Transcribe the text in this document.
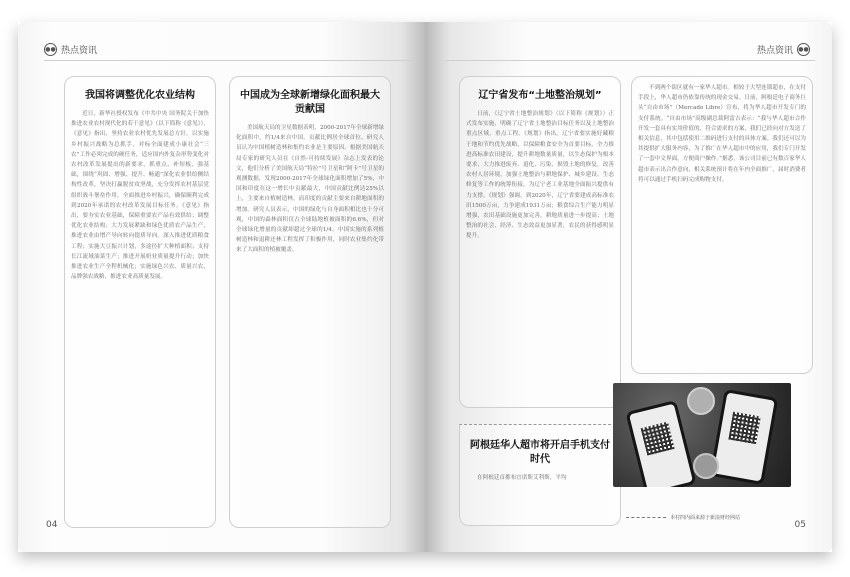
●● 热点资讯
我国将调整优化农业结构
近日，新华社授权发布《中共中央 国务院关于加快推进农业农村现代化的若干意见》（以下简称《意见》），《意见》指出，坚持农业农村优先发展总方针，以实施乡村振兴战略为总抓手，对标全面建成小康社会“三农”工作必须完成的硬任务，适应国内外复杂形势变化对农村改革发展提出的新要求，抓重点、补短板、强基础，围绕“巩固、增强、提升、畅通”深化农业供给侧结构性改革，坚决打赢脱贫攻坚战，充分发挥农村基层党组织战斗堡垒作用，全面推进乡村振兴，确保顺利完成到2020年承诺的农村改革发展目标任务。《意见》指出，要夯实农业基础，保障重要农产品有效供给；调整优化农业结构；大力发展紧缺和绿色优质农产品生产，推进农业由增产导向转向提质导向。深入推进优质粮食工程；实施大豆振兴计划，多途径扩大种植面积；支持长江流域油菜生产；推进开展奶业质量提升行动；加快推进农业生产全程机械化；实施绿色兴农、质量兴农、品牌强农战略，推进农业高质量发展。
中国成为全球新增绿化面积最大贡献国
美国航天局的卫星数据表明，2000-2017年全球新增绿化面积中，约1/4来自中国，贡献比例居全球首位。研究人员认为中国植树造林和集约农业是主要原因。根据美国航天局专家的研究人员在《自然-可持续发展》杂志上发表的论文，他们分析了美国航天局“特拉”号卫星和“阿卡”号卫星的观测数据，发现2000-2017年全球绿化面积增加了5%，中国和印度在这一增长中贡献最大，中国贡献比例达25%以上，主要来自植树造林，而印度的贡献主要来自耕地面积的增加。研究人员表示，中国的绿化与自身面积相比也十分可观，中国的森林面积仅占全球陆地植被面积的6.6%，但对全球绿化增量的贡献却超过全球的1/4。中国实施的系列植树造林和退耕还林工程发挥了积极作用，同时农业集约化带来了大面积的植被覆盖。
04
热点资讯 ●●
辽宁省发布“土地整治规划”
日前，《辽宁省土地整治规划》（以下简称《规划》）正式发布实施，明确了辽宁省土地整治目标任务以及土地整治重点区域、重点工程、《规划》指出，辽宁省要实施好藏粮于地和节约优先战略，以保障粮食安全为首要目标，全力推进高标准农田建设，提升耕地数量质量，以生态保护为根本要求，大力推进废弃、退化、污染、损毁土地的修复，改善农村人居环境，加强土地整治与耕地保护、城乡建设、生态修复等工作的统筹衔接，为辽宁老工业基地全面振兴提供有力支撑。《规划》强调，到2020年，辽宁省要建成高标准农田1500万亩，力争建成1931万亩；粮食综合生产能力明显增强，农田基础设施更加完善，耕地质量进一步提高；土地整治的社会、经济、生态效益更加显著，农民的获得感明显提升。
阿根廷华人超市将开启手机支付时代
在阿根廷首都布宜诺斯艾利斯，平均
不到两个街区就有一家华人超市。相较于大型连锁超市，在支付手段上，华人超市仍依靠传统的现金交易。日前，阿根廷电子商务巨头“自由市场”（Mercado Libre）宣布，将为华人超市开发专门的支付系统。“自由市场”高级副总裁阿雷吉表示：“我与华人超市合作开发一套具有实用价值的、符合需求的方案，我们已经向对方发送了相关信息，其中包括使用二维码进行支付的具体方案。我们还可以为其提供扩大服务内容，为了推广在华人超市中的应用，我们专门开发了一套中文界面，方便商户操作。”据悉，该公司目前已有数百家华人超市表示出合作意向，相关系统预计将在年内全面推广，届时消费者将可以通过手机扫码完成购物支付。
05
本村四内面来源于新浪财经网站
